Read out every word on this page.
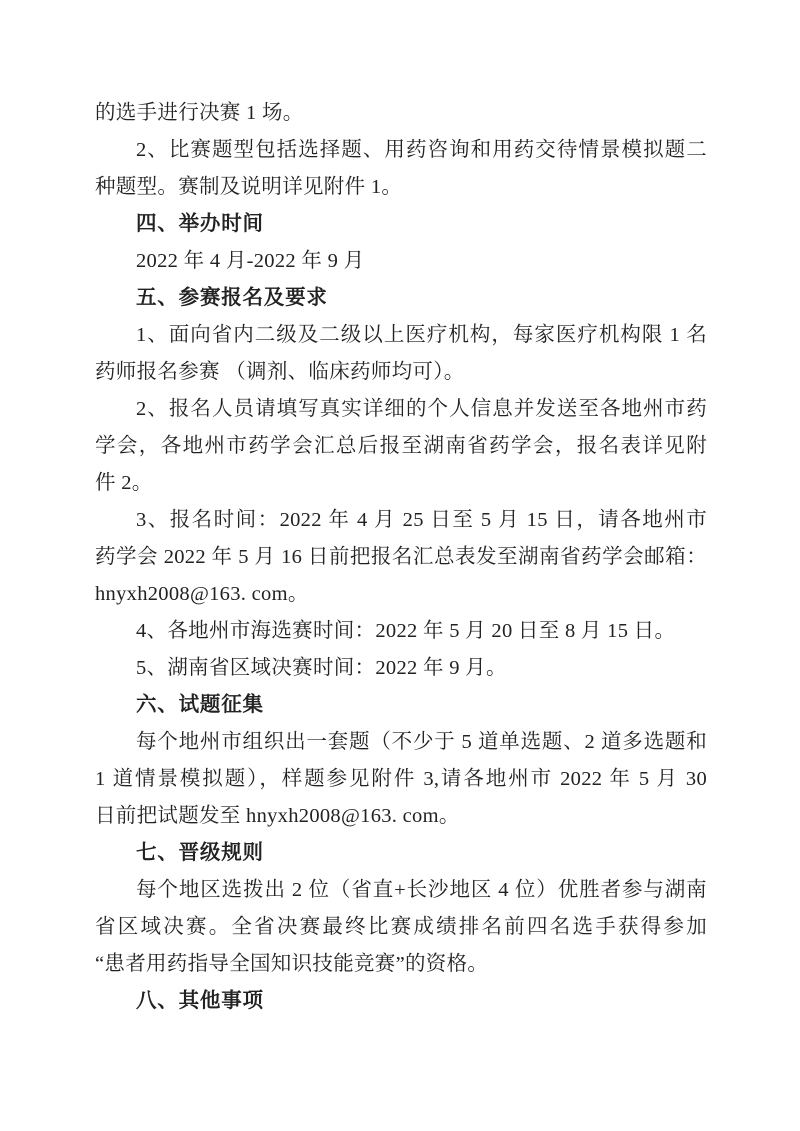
的选手进行决赛 1 场。
2、比赛题型包括选择题、用药咨询和用药交待情景模拟题二
种题型。赛制及说明详见附件 1。
四、举办时间
2022 年 4 月-2022 年 9 月
五、参赛报名及要求
1、面向省内二级及二级以上医疗机构，每家医疗机构限 1 名
药师报名参赛 （调剂、临床药师均可）。
2、报名人员请填写真实详细的个人信息并发送至各地州市药
学会，各地州市药学会汇总后报至湖南省药学会，报名表详见附
件 2。
3、报名时间：2022 年 4 月 25 日至 5 月 15 日，请各地州市
药学会 2022 年 5 月 16 日前把报名汇总表发至湖南省药学会邮箱：
hnyxh2008@163. com。
4、各地州市海选赛时间：2022 年 5 月 20 日至 8 月 15 日。
5、湖南省区域决赛时间：2022 年 9 月。
六、试题征集
每个地州市组织出一套题（不少于 5 道单选题、2 道多选题和
1 道情景模拟题），样题参见附件 3,请各地州市 2022 年 5 月 30
日前把试题发至 hnyxh2008@163. com。
七、晋级规则
每个地区选拨出 2 位（省直+长沙地区 4 位）优胜者参与湖南
省区域决赛。全省决赛最终比赛成绩排名前四名选手获得参加
“患者用药指导全国知识技能竞赛”的资格。
八、其他事项
